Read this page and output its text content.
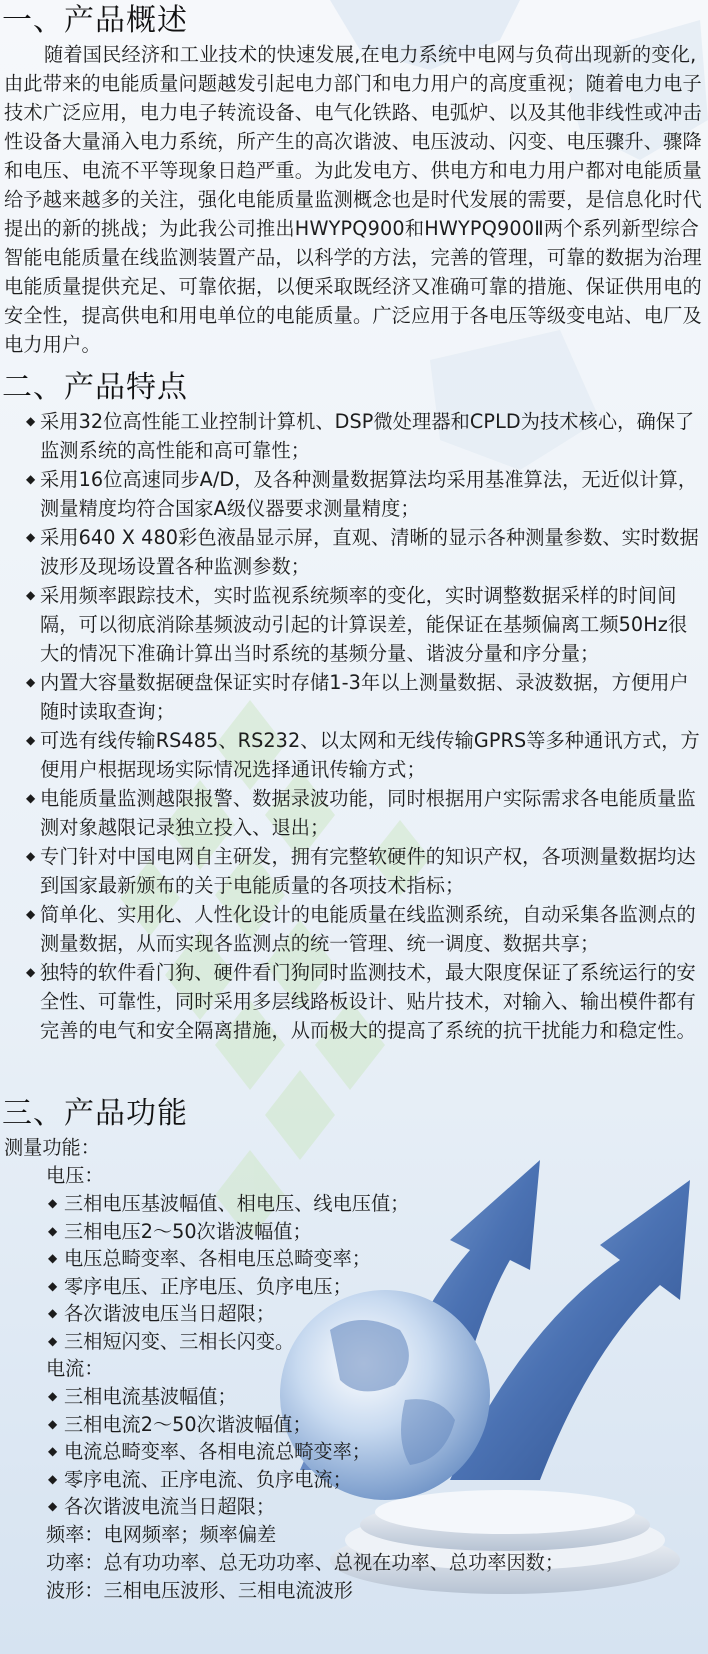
一、产品概述

随着国民经济和工业技术的快速发展,在电力系统中电网与负荷出现新的变化,由此带来的电能质量问题越发引起电力部门和电力用户的高度重视；随着电力电子技术广泛应用，电力电子转流设备、电气化铁路、电弧炉、以及其他非线性或冲击性设备大量涌入电力系统，所产生的高次谐波、电压波动、闪变、电压骤升、骤降和电压、电流不平等现象日趋严重。为此发电方、供电方和电力用户都对电能质量给予越来越多的关注，强化电能质量监测概念也是时代发展的需要，是信息化时代提出的新的挑战；为此我公司推出HWYPQ900和HWYPQ900Ⅱ两个系列新型综合智能电能质量在线监测装置产品，以科学的方法，完善的管理，可靠的数据为治理电能质量提供充足、可靠依据，以便采取既经济又准确可靠的措施、保证供用电的安全性，提高供电和用电单位的电能质量。广泛应用于各电压等级变电站、电厂及电力用户。

二、产品特点
◆ 采用32位高性能工业控制计算机、DSP微处理器和CPLD为技术核心，确保了监测系统的高性能和高可靠性；
◆ 采用16位高速同步A/D，及各种测量数据算法均采用基准算法，无近似计算，测量精度均符合国家A级仪器要求测量精度；
◆ 采用640 X 480彩色液晶显示屏，直观、清晰的显示各种测量参数、实时数据波形及现场设置各种监测参数；
◆ 采用频率跟踪技术，实时监视系统频率的变化，实时调整数据采样的时间间隔，可以彻底消除基频波动引起的计算误差，能保证在基频偏离工频50Hz很大的情况下准确计算出当时系统的基频分量、谐波分量和序分量；
◆ 内置大容量数据硬盘保证实时存储1-3年以上测量数据、录波数据，方便用户随时读取查询；
◆ 可选有线传输RS485、RS232、以太网和无线传输GPRS等多种通讯方式，方便用户根据现场实际情况选择通讯传输方式；
◆ 电能质量监测越限报警、数据录波功能，同时根据用户实际需求各电能质量监测对象越限记录独立投入、退出；
◆ 专门针对中国电网自主研发，拥有完整软硬件的知识产权，各项测量数据均达到国家最新颁布的关于电能质量的各项技术指标；
◆ 简单化、实用化、人性化设计的电能质量在线监测系统，自动采集各监测点的测量数据，从而实现各监测点的统一管理、统一调度、数据共享；
◆ 独特的软件看门狗、硬件看门狗同时监测技术，最大限度保证了系统运行的安全性、可靠性，同时采用多层线路板设计、贴片技术，对输入、输出模件都有完善的电气和安全隔离措施，从而极大的提高了系统的抗干扰能力和稳定性。
三、产品功能
测量功能：
电压：
◆ 三相电压基波幅值、相电压、线电压值；
◆ 三相电压2～50次谐波幅值；
◆ 电压总畸变率、各相电压总畸变率；
◆ 零序电压、正序电压、负序电压；
◆ 各次谐波电压当日超限；
◆ 三相短闪变、三相长闪变。
电流：
◆ 三相电流基波幅值；
◆ 三相电流2～50次谐波幅值；
◆ 电流总畸变率、各相电流总畸变率；
◆ 零序电流、正序电流、负序电流；
◆ 各次谐波电流当日超限；
频率：电网频率；频率偏差
功率：总有功功率、总无功功率、总视在功率、总功率因数；
波形：三相电压波形、三相电流波形
